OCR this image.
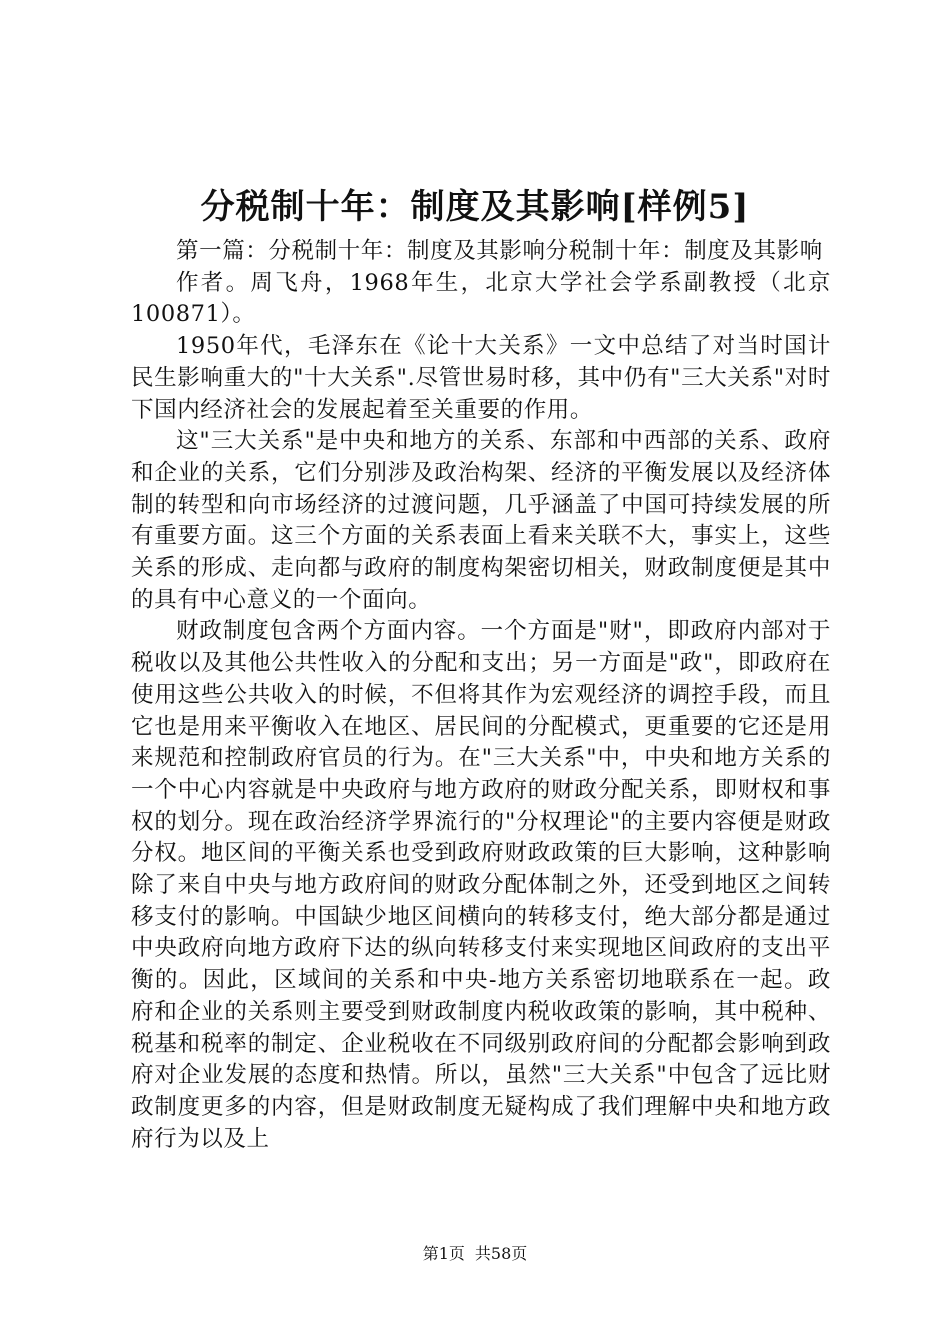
分税制十年：制度及其影响[样例5]

第一篇：分税制十年：制度及其影响分税制十年：制度及其影响

作者。周飞舟，1968年生，北京大学社会学系副教授（北京100871）。

1950年代，毛泽东在《论十大关系》一文中总结了对当时国计民生影响重大的"十大关系".尽管世易时移，其中仍有"三大关系"对时下国内经济社会的发展起着至关重要的作用。

这"三大关系"是中央和地方的关系、东部和中西部的关系、政府和企业的关系，它们分别涉及政治构架、经济的平衡发展以及经济体制的转型和向市场经济的过渡问题，几乎涵盖了中国可持续发展的所有重要方面。这三个方面的关系表面上看来关联不大，事实上，这些关系的形成、走向都与政府的制度构架密切相关，财政制度便是其中的具有中心意义的一个面向。

财政制度包含两个方面内容。一个方面是"财"，即政府内部对于税收以及其他公共性收入的分配和支出；另一方面是"政"，即政府在使用这些公共收入的时候，不但将其作为宏观经济的调控手段，而且它也是用来平衡收入在地区、居民间的分配模式，更重要的它还是用来规范和控制政府官员的行为。在"三大关系"中，中央和地方关系的一个中心内容就是中央政府与地方政府的财政分配关系，即财权和事权的划分。现在政治经济学界流行的"分权理论"的主要内容便是财政分权。地区间的平衡关系也受到政府财政政策的巨大影响，这种影响除了来自中央与地方政府间的财政分配体制之外，还受到地区之间转移支付的影响。中国缺少地区间横向的转移支付，绝大部分都是通过中央政府向地方政府下达的纵向转移支付来实现地区间政府的支出平衡的。因此，区域间的关系和中央-地方关系密切地联系在一起。政府和企业的关系则主要受到财政制度内税收政策的影响，其中税种、税基和税率的制定、企业税收在不同级别政府间的分配都会影响到政府对企业发展的态度和热情。所以，虽然"三大关系"中包含了远比财政制度更多的内容，但是财政制度无疑构成了我们理解中央和地方政府行为以及上

第1页 共58页
